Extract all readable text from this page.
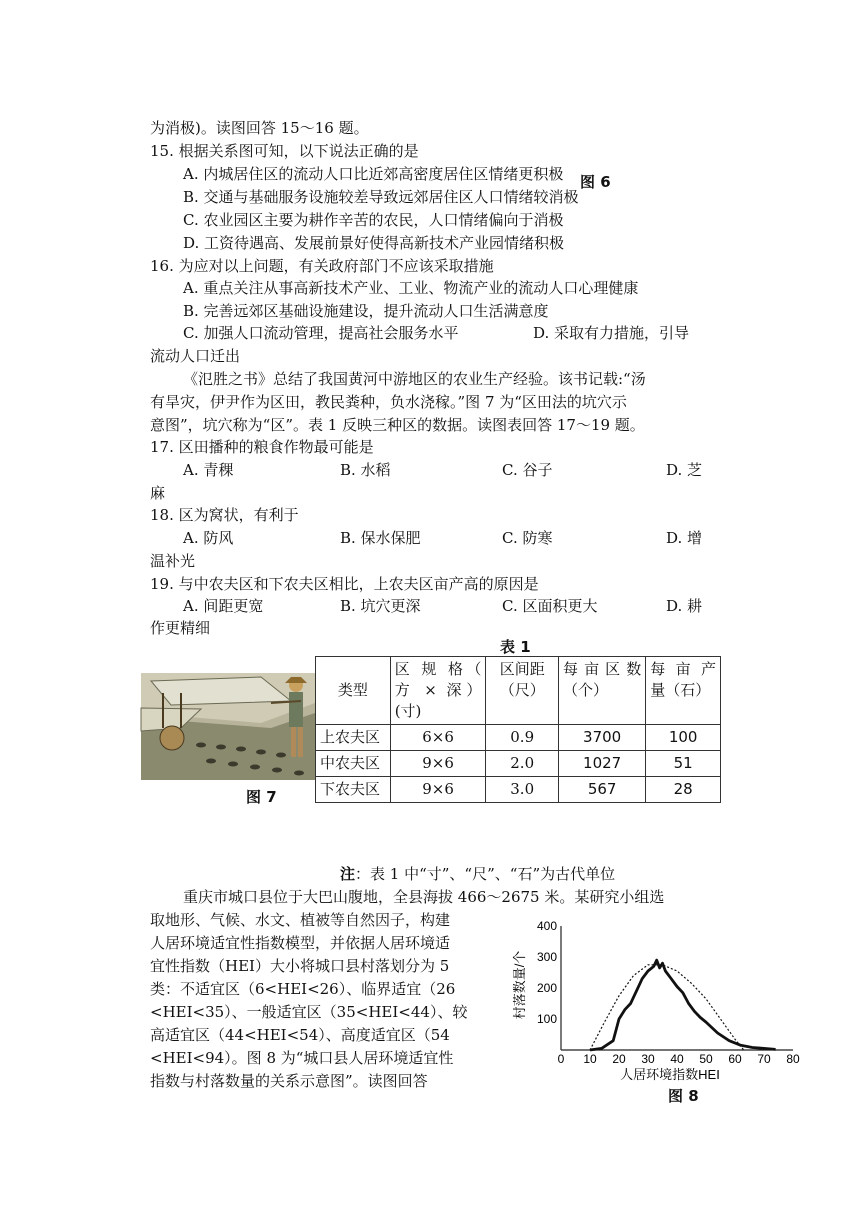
为消极)。读图回答 15～16 题。
15. 根据关系图可知，以下说法正确的是
A. 内城居住区的流动人口比近郊高密度居住区情绪更积极 图 6
B. 交通与基础服务设施较差导致远郊居住区人口情绪较消极
C. 农业园区主要为耕作辛苦的农民，人口情绪偏向于消极
D. 工资待遇高、发展前景好使得高新技术产业园情绪积极
16. 为应对以上问题，有关政府部门不应该采取措施
A. 重点关注从事高新技术产业、工业、物流产业的流动人口心理健康
B. 完善远郊区基础设施建设，提升流动人口生活满意度
C. 加强人口流动管理，提高社会服务水平	D. 采取有力措施，引导
流动人口迁出
《氾胜之书》总结了我国黄河中游地区的农业生产经验。该书记载:“汤
有旱灾，伊尹作为区田，教民粪种，负水浇稼。”图 7 为“区田法的坑穴示
意图”，坑穴称为“区”。表 1 反映三种区的数据。读图表回答 17～19 题。
17. 区田播种的粮食作物最可能是
A. 青稞	B. 水稻	C. 谷子	D. 芝
麻
18. 区为窝状，有利于
A. 防风	B. 保水保肥	C. 防寒	D. 增
温补光
19. 与中农夫区和下农夫区相比，上农夫区亩产高的原因是
A. 间距更宽	B. 坑穴更深	C. 区面积更大	D. 耕
作更精细
表 1
图 7
类型	区 规 格（ 方 × 深）(寸)	区间距（尺）	每 亩 区 数（个）	每 亩 产 量（石）
上农夫区	6×6	0.9	3700	100
中农夫区	9×6	2.0	1027	51
下农夫区	9×6	3.0	567	28
注：表 1 中“寸”、“尺”、“石”为古代单位
重庆市城口县位于大巴山腹地，全县海拔 466～2675 米。某研究小组选
取地形、气候、水文、植被等自然因子，构建
人居环境适宜性指数模型，并依据人居环境适
宜性指数（HEI）大小将城口县村落划分为 5
类：不适宜区（6<HEI<26）、临界适宜（26
<HEI<35）、一般适宜区（35<HEI<44）、较
高适宜区（44<HEI<54）、高度适宜区（54
<HEI<94）。图 8 为“城口县人居环境适宜性
指数与村落数量的关系示意图”。读图回答
0 10 20 30 40 50 60 70 80
100
200
300
400
村落数量/个
人居环境指数HEI
图 8
